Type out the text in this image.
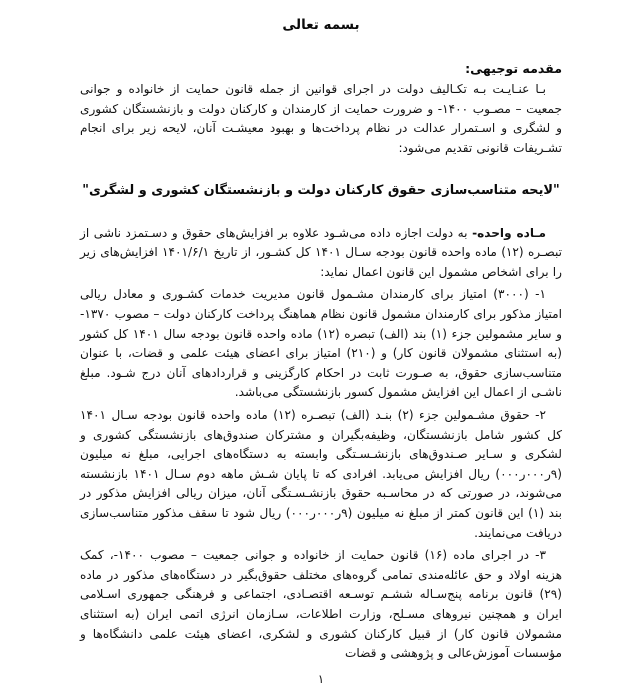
بسمه تعالی
مقدمه توجیهی:

بـا عنـایـت بـه تکـالیف دولت در اجرای قوانین از جمله قانون حمایت از خانواده و جوانی جمعیت – مصـوب ۱۴۰۰- و ضرورت حمایت از کارمندان و کارکنان دولت و بازنشستگان کشوری و لشگری و اسـتمرار عدالت در نظام پرداخت‌ها و بهبود معیشـت آنان، لایحه زیر برای انجام تشـریفات قانونی تقدیم می‌شود:

"لایحه متناسب‌سازی حقوق کارکنان دولت و بازنشستگان کشوری و لشگری"

مـاده واحده- به دولت اجازه داده می‌شـود علاوه بر افزایش‌های حقوق و دسـتمزد ناشی از تبصـره (۱۲) ماده واحده قانون بودجه سـال ۱۴۰۱ کل کشـور، از تاریخ ۱۴۰۱/۶/۱ افزایش‌های زیر را برای اشخاص مشمول این قانون اعمال نماید:

۱- (۳۰۰۰) امتیاز برای کارمندان مشـمول قانون مدیریت خدمات کشـوری و معادل ریالی امتیاز مذکور برای کارمندان مشمول قانون نظام هماهنگ پرداخت کارکنان دولت – مصوب ۱۳۷۰- و سایر مشمولین جزء (۱) بند (الف) تبصره (۱۲) ماده واحده قانون بودجه سال ۱۴۰۱ کل کشور (به استثنای مشمولان قانون کار) و (۲۱۰) امتیاز برای اعضای هیئت علمی و قضات، با عنوان متناسب‌سازی حقوق، به صـورت ثابت در احکام کارگزینی و قراردادهای آنان درج شـود. مبلغ ناشـی از اعمال این افزایش مشمول کسور بازنشستگی می‌باشد.

۲- حقوق مشـمولین جزء (۲) بنـد (الف) تبصـره (۱۲) ماده واحده قانون بودجه سـال ۱۴۰۱ کل کشور شامل بازنشستگان، وظیفه‌بگیران و مشترکان صندوق‌های بازنشستگی کشوری و لشکری و سـایر صـندوق‌های بازنشـسـتگی وابسته به دستگاه‌های اجرایی، مبلغ نه میلیون (۹ر۰۰۰ر۰۰۰) ریال افزایش می‌یابد. افرادی که تا پایان شـش ماهه دوم سـال ۱۴۰۱ بازنشسته می‌شوند، در صورتی که در محاسـبه حقوق بازنشـسـتگی آنان، میزان ریالی افزایش مذکور در بند (۱) این قانون کمتر از مبلغ نه میلیون (۹ر۰۰۰ر۰۰۰) ریال شود تا سقف مذکور متناسب‌سازی دریافت می‌نمایند.

۳- در اجرای ماده (۱۶) قانون حمایت از خانواده و جوانی جمعیت – مصوب ۱۴۰۰-، کمک هزینه اولاد و حق عائله‌مندی تمامی گروه‌های مختلف حقوق‌بگیر در دستگاه‌های مذکور در ماده (۲۹) قانون برنامه پنج‌سـاله ششـم توسـعه اقتصـادی، اجتماعی و فرهنگی جمهوری اسـلامی ایران و همچنین نیروهای مسـلح، وزارت اطلاعات، سـازمان انرژی اتمی ایران (به استثنای مشمولان قانون کار) از قبیل کارکنان کشوری و لشکری، اعضای هیئت علمی دانشگاه‌ها و مؤسسات آموزش‌عالی و پژوهشی و قضات

۱
